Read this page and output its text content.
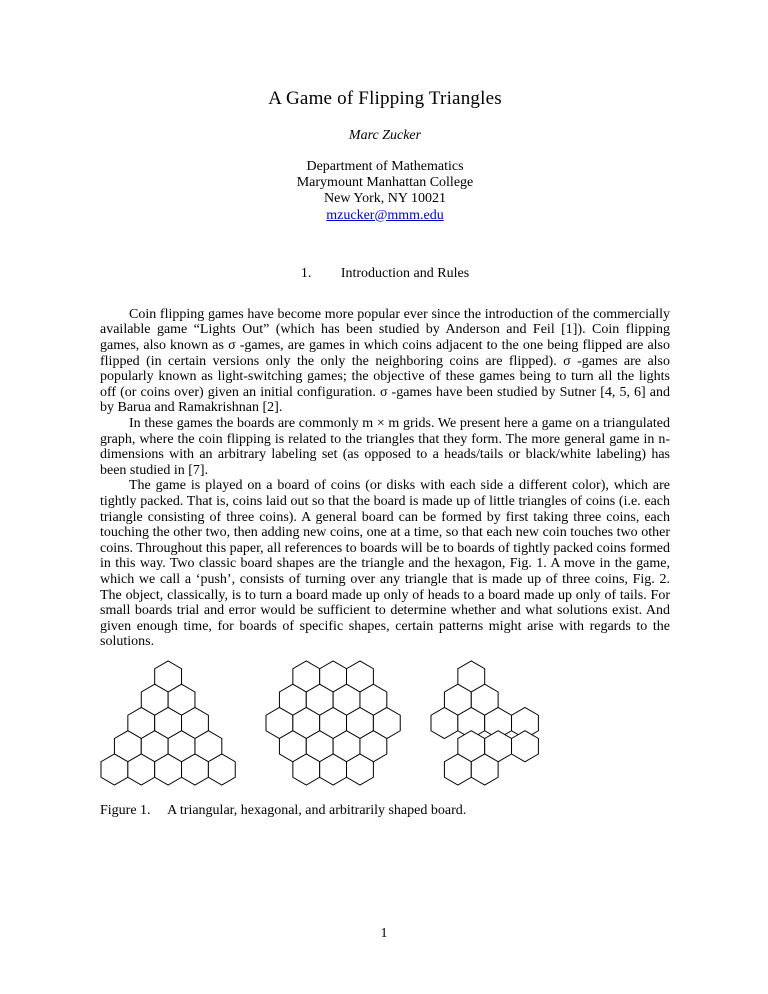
A Game of Flipping Triangles
Marc Zucker
Department of Mathematics
Marymount Manhattan College
New York, NY 10021
mzucker@mmm.edu
1. Introduction and Rules

Coin flipping games have become more popular ever since the introduction of the commercially available game “Lights Out” (which has been studied by Anderson and Feil [1]). Coin flipping games, also known as σ -games, are games in which coins adjacent to the one being flipped are also flipped (in certain versions only the only the neighboring coins are flipped). σ -games are also popularly known as light-switching games; the objective of these games being to turn all the lights off (or coins over) given an initial configuration. σ -games have been studied by Sutner [4, 5, 6] and by Barua and Ramakrishnan [2].

In these games the boards are commonly m × m grids. We present here a game on a triangulated graph, where the coin flipping is related to the triangles that they form. The more general game in n-dimensions with an arbitrary labeling set (as opposed to a heads/tails or black/white labeling) has been studied in [7].

The game is played on a board of coins (or disks with each side a different color), which are tightly packed. That is, coins laid out so that the board is made up of little triangles of coins (i.e. each triangle consisting of three coins). A general board can be formed by first taking three coins, each touching the other two, then adding new coins, one at a time, so that each new coin touches two other coins. Throughout this paper, all references to boards will be to boards of tightly packed coins formed in this way. Two classic board shapes are the triangle and the hexagon, Fig. 1. A move in the game, which we call a ‘push’, consists of turning over any triangle that is made up of three coins, Fig. 2. The object, classically, is to turn a board made up only of heads to a board made up only of tails. For small boards trial and error would be sufficient to determine whether and what solutions exist. And given enough time, for boards of specific shapes, certain patterns might arise with regards to the solutions.

Figure 1. A triangular, hexagonal, and arbitrarily shaped board.
1
